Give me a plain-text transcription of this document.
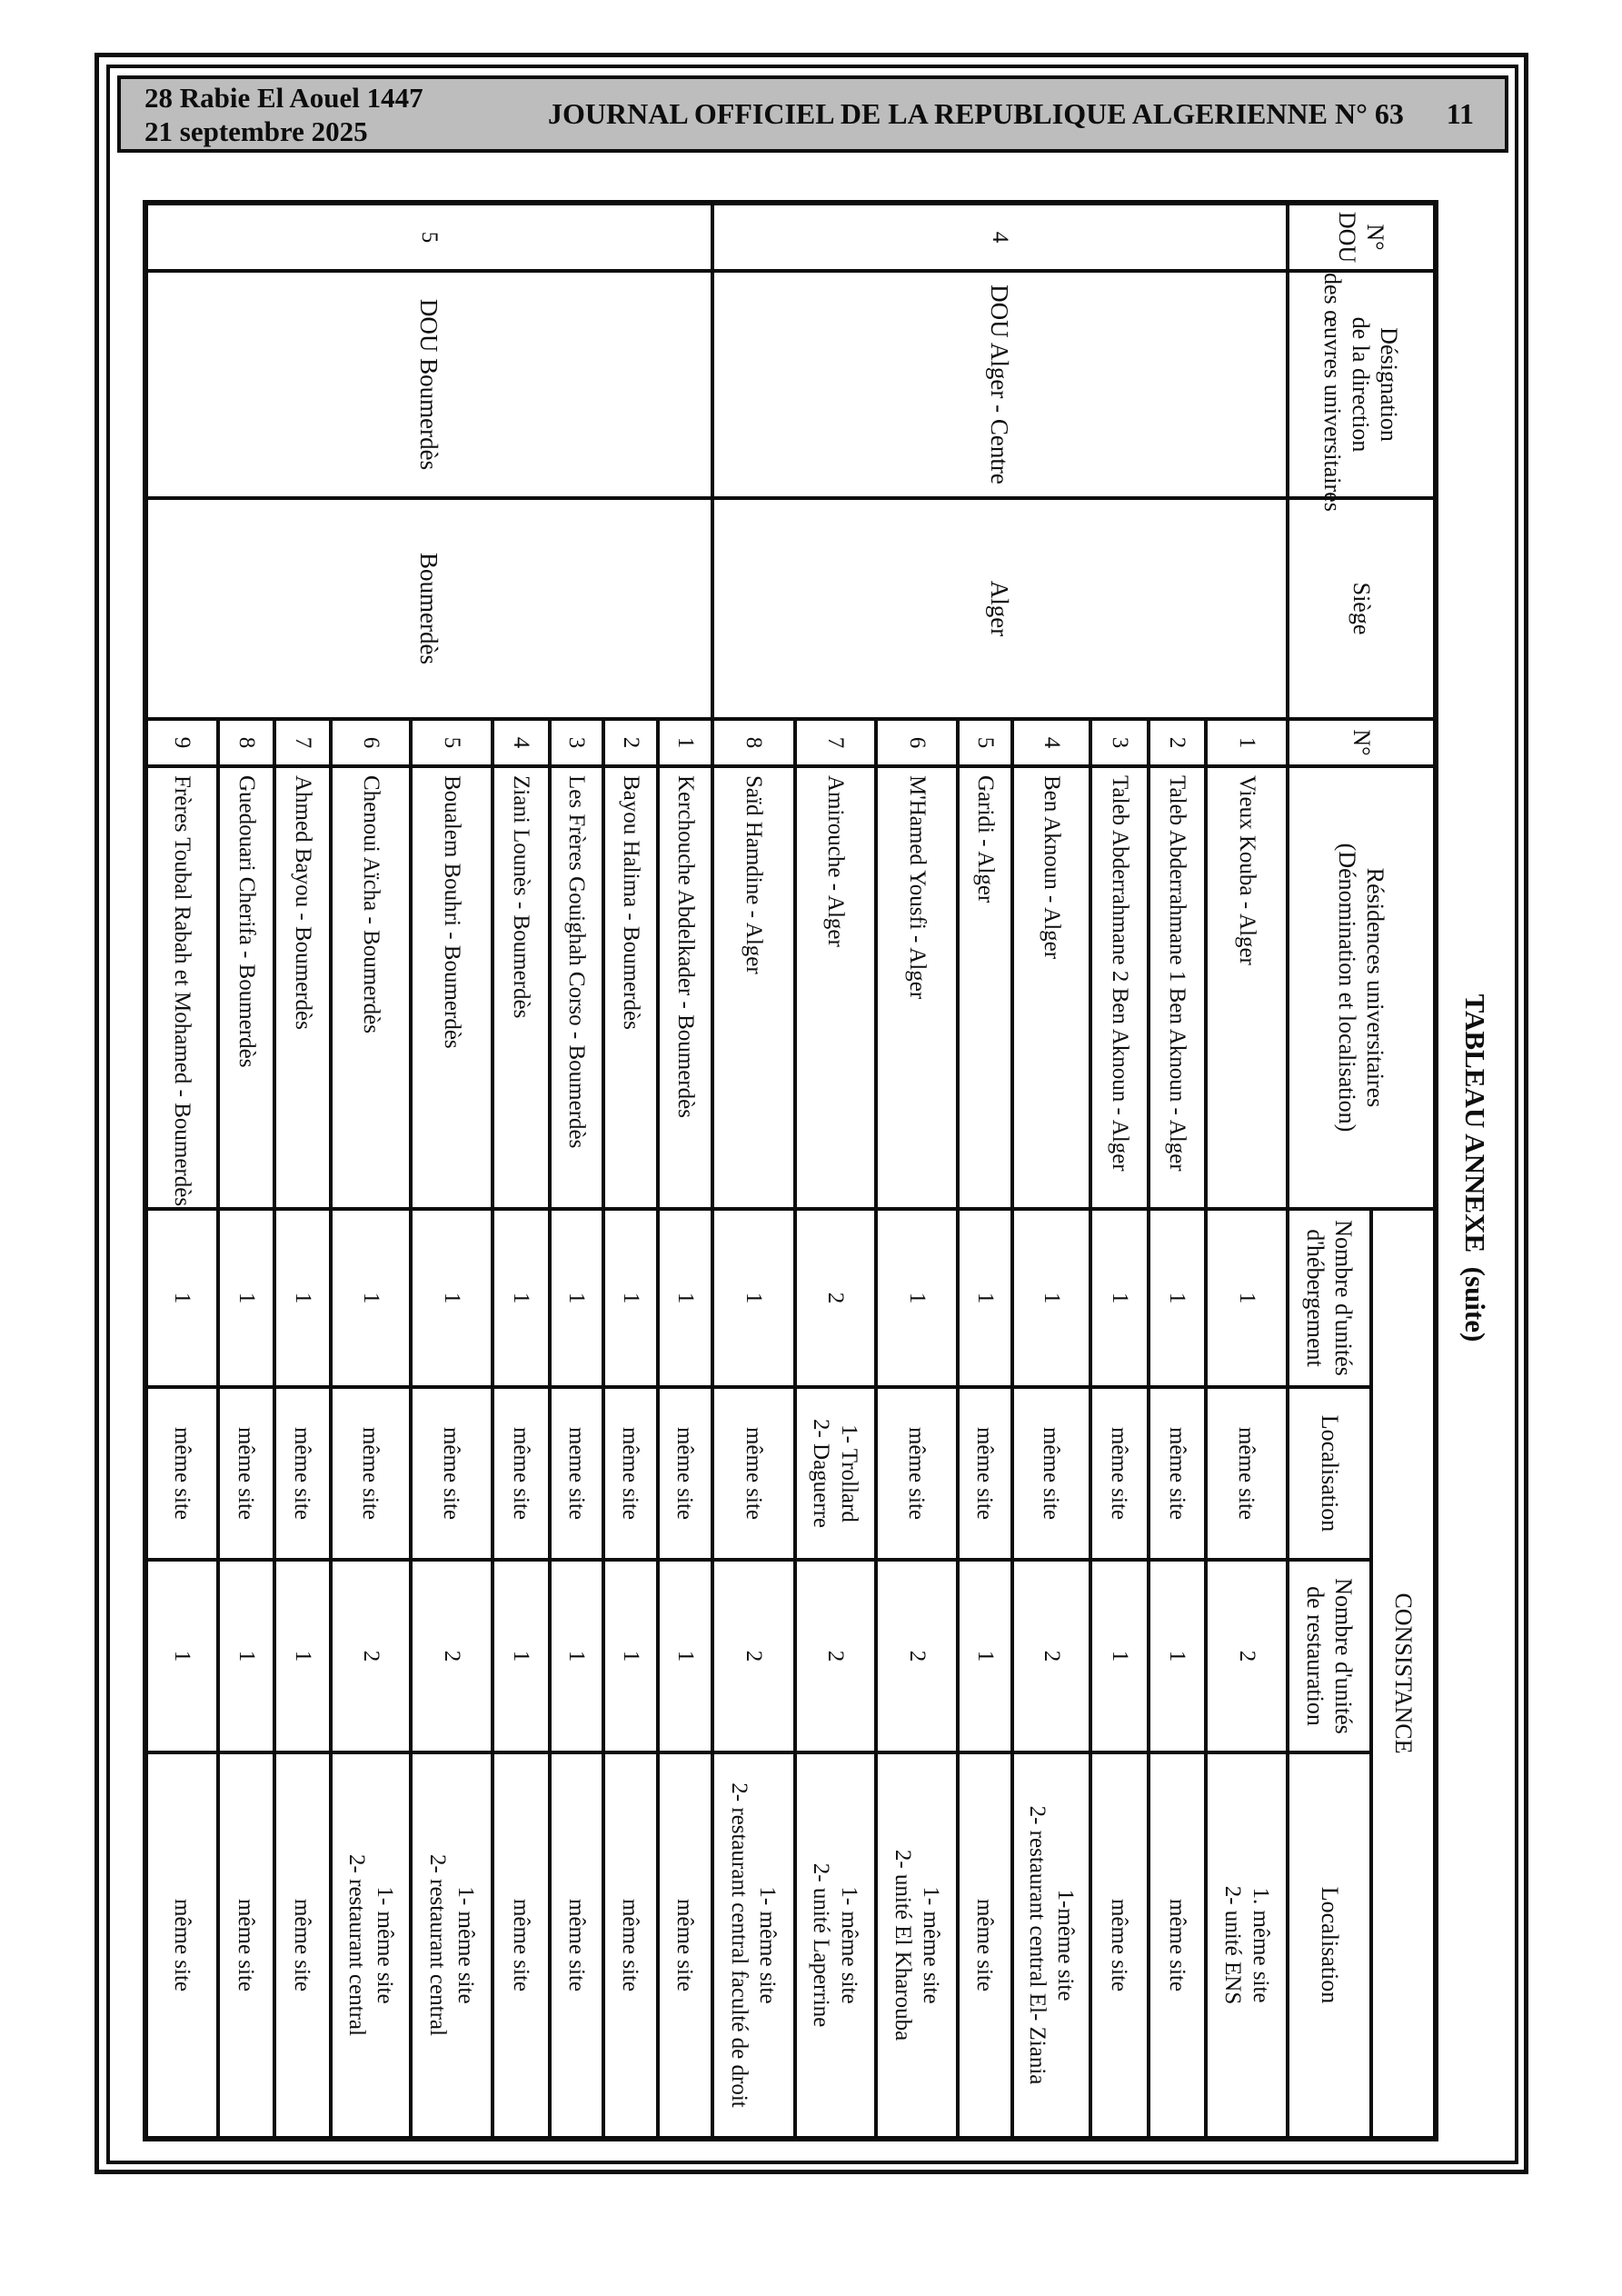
28 Rabie El Aouel 1447
21 septembre 2025
JOURNAL OFFICIEL DE LA REPUBLIQUE ALGERIENNE N° 63 11
TABLEAU ANNEXE  (suite)
N°
DOU	Désignation
de la direction
des œuvres universitaires	Siège	N°	Résidences universitaires
(Dénomination et localisation)	CONSISTANCE			

					Nombre d'unités
d'hébergement	Localisation	Nombre d'unités
de restauration	Localisation
4	DOU Alger - Centre	Alger	1	Vieux Kouba - Alger	1	même site	2	1. même site
2- unité ENS

			2	Taleb Abderrahmane 1 Ben Aknoun - Alger	1	même site	1	même site

			3	Taleb Abderrahmane 2 Ben Aknoun - Alger	1	même site	1	même site

			4	Ben Aknoun - Alger	1	même site	2	1-même site
2- restaurant central El- Ziania

			5	Garidi - Alger	1	même site	1	même site

			6	M'Hamed Yousfi - Alger	1	même site	2	1- même site
2- unité El Kharouba

			7	Amirouche - Alger	2	1- Trollard
2- Daguerre	2	1- même site
2- unité Laperrine

			8	Saïd Hamdine - Alger	1	même site	2	1- même site
2- restaurant central faculté de droit

5	DOU Boumerdès	Boumerdès	1	Kerchouche Abdelkader - Boumerdès	1	même site	1	même site

			2	Bayou Halima - Boumerdès	1	même site	1	même site

			3	Les Frères Gouighah Corso - Boumerdès	1	meme site	1	même site

			4	Ziani Lounès - Boumerdès	1	même site	1	même site

			5	Boualem Bouhri - Boumerdès	1	même site	2	1- même site
2- restaurant central

			6	Chenoui Aïcha - Boumerdès	1	même site	2	1- même site
2- restaurant central

			7	Ahmed Bayou - Boumerdès	1	même site	1	même site

			8	Guedouari Cherifa - Boumerdès	1	même site	1	même site

			9	Frères Toubal Rabah et Mohamed - Boumerdès	1	même site	1	même site
